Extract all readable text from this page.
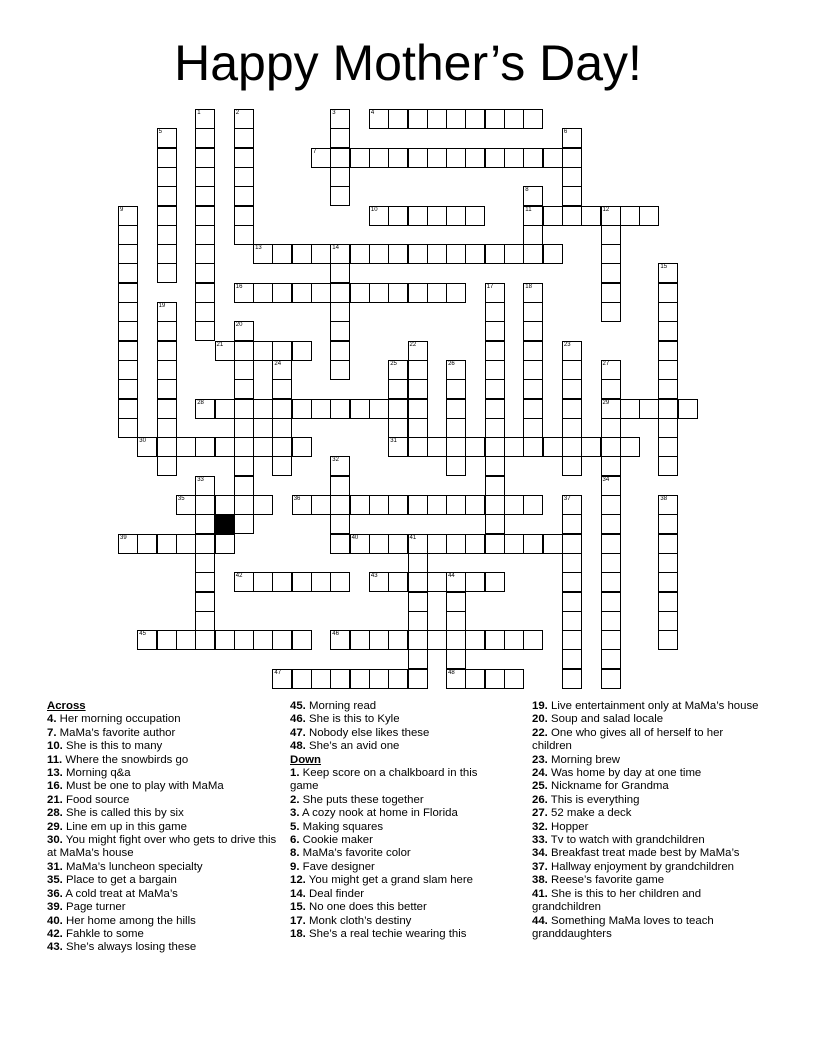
Happy Mother’s Day!
4
7
10	11	12
13	14
16
21
28	29
30	31
35	36
39	40	41
42	43	44
45	46
47	48
1	2	3
5	6
8
9
15
17	18
19
20
22	23
24	25	26	27
32
33	34
37	38
Across
4. Her morning occupation
7. MaMa’s favorite author
10. She is this to many
11. Where the snowbirds go
13. Morning q&a
16. Must be one to play with MaMa
21. Food source
28. She is called this by six
29. Line em up in this game
30. You might fight over who gets to drive this at MaMa’s house
31. MaMa’s luncheon specialty
35. Place to get a bargain
36. A cold treat at MaMa’s
39. Page turner
40. Her home among the hills
42. Fahkle to some
43. She’s always losing these
45. Morning read
46. She is this to Kyle
47. Nobody else likes these
48. She’s an avid one
Down
1. Keep score on a chalkboard in this game
2. She puts these together
3. A cozy nook at home in Florida
5. Making squares
6. Cookie maker
8. MaMa’s favorite color
9. Fave designer
12. You might get a grand slam here
14. Deal finder
15. No one does this better
17. Monk cloth’s destiny
18. She’s a real techie wearing this
19. Live entertainment only at MaMa’s house
20. Soup and salad locale
22. One who gives all of herself to her children
23. Morning brew
24. Was home by day at one time
25. Nickname for Grandma
26. This is everything
27. 52 make a deck
32. Hopper
33. Tv to watch with grandchildren
34. Breakfast treat made best by MaMa’s
37. Hallway enjoyment by grandchildren
38. Reese’s favorite game
41. She is this to her children and grandchildren
44. Something MaMa loves to teach granddaughters
